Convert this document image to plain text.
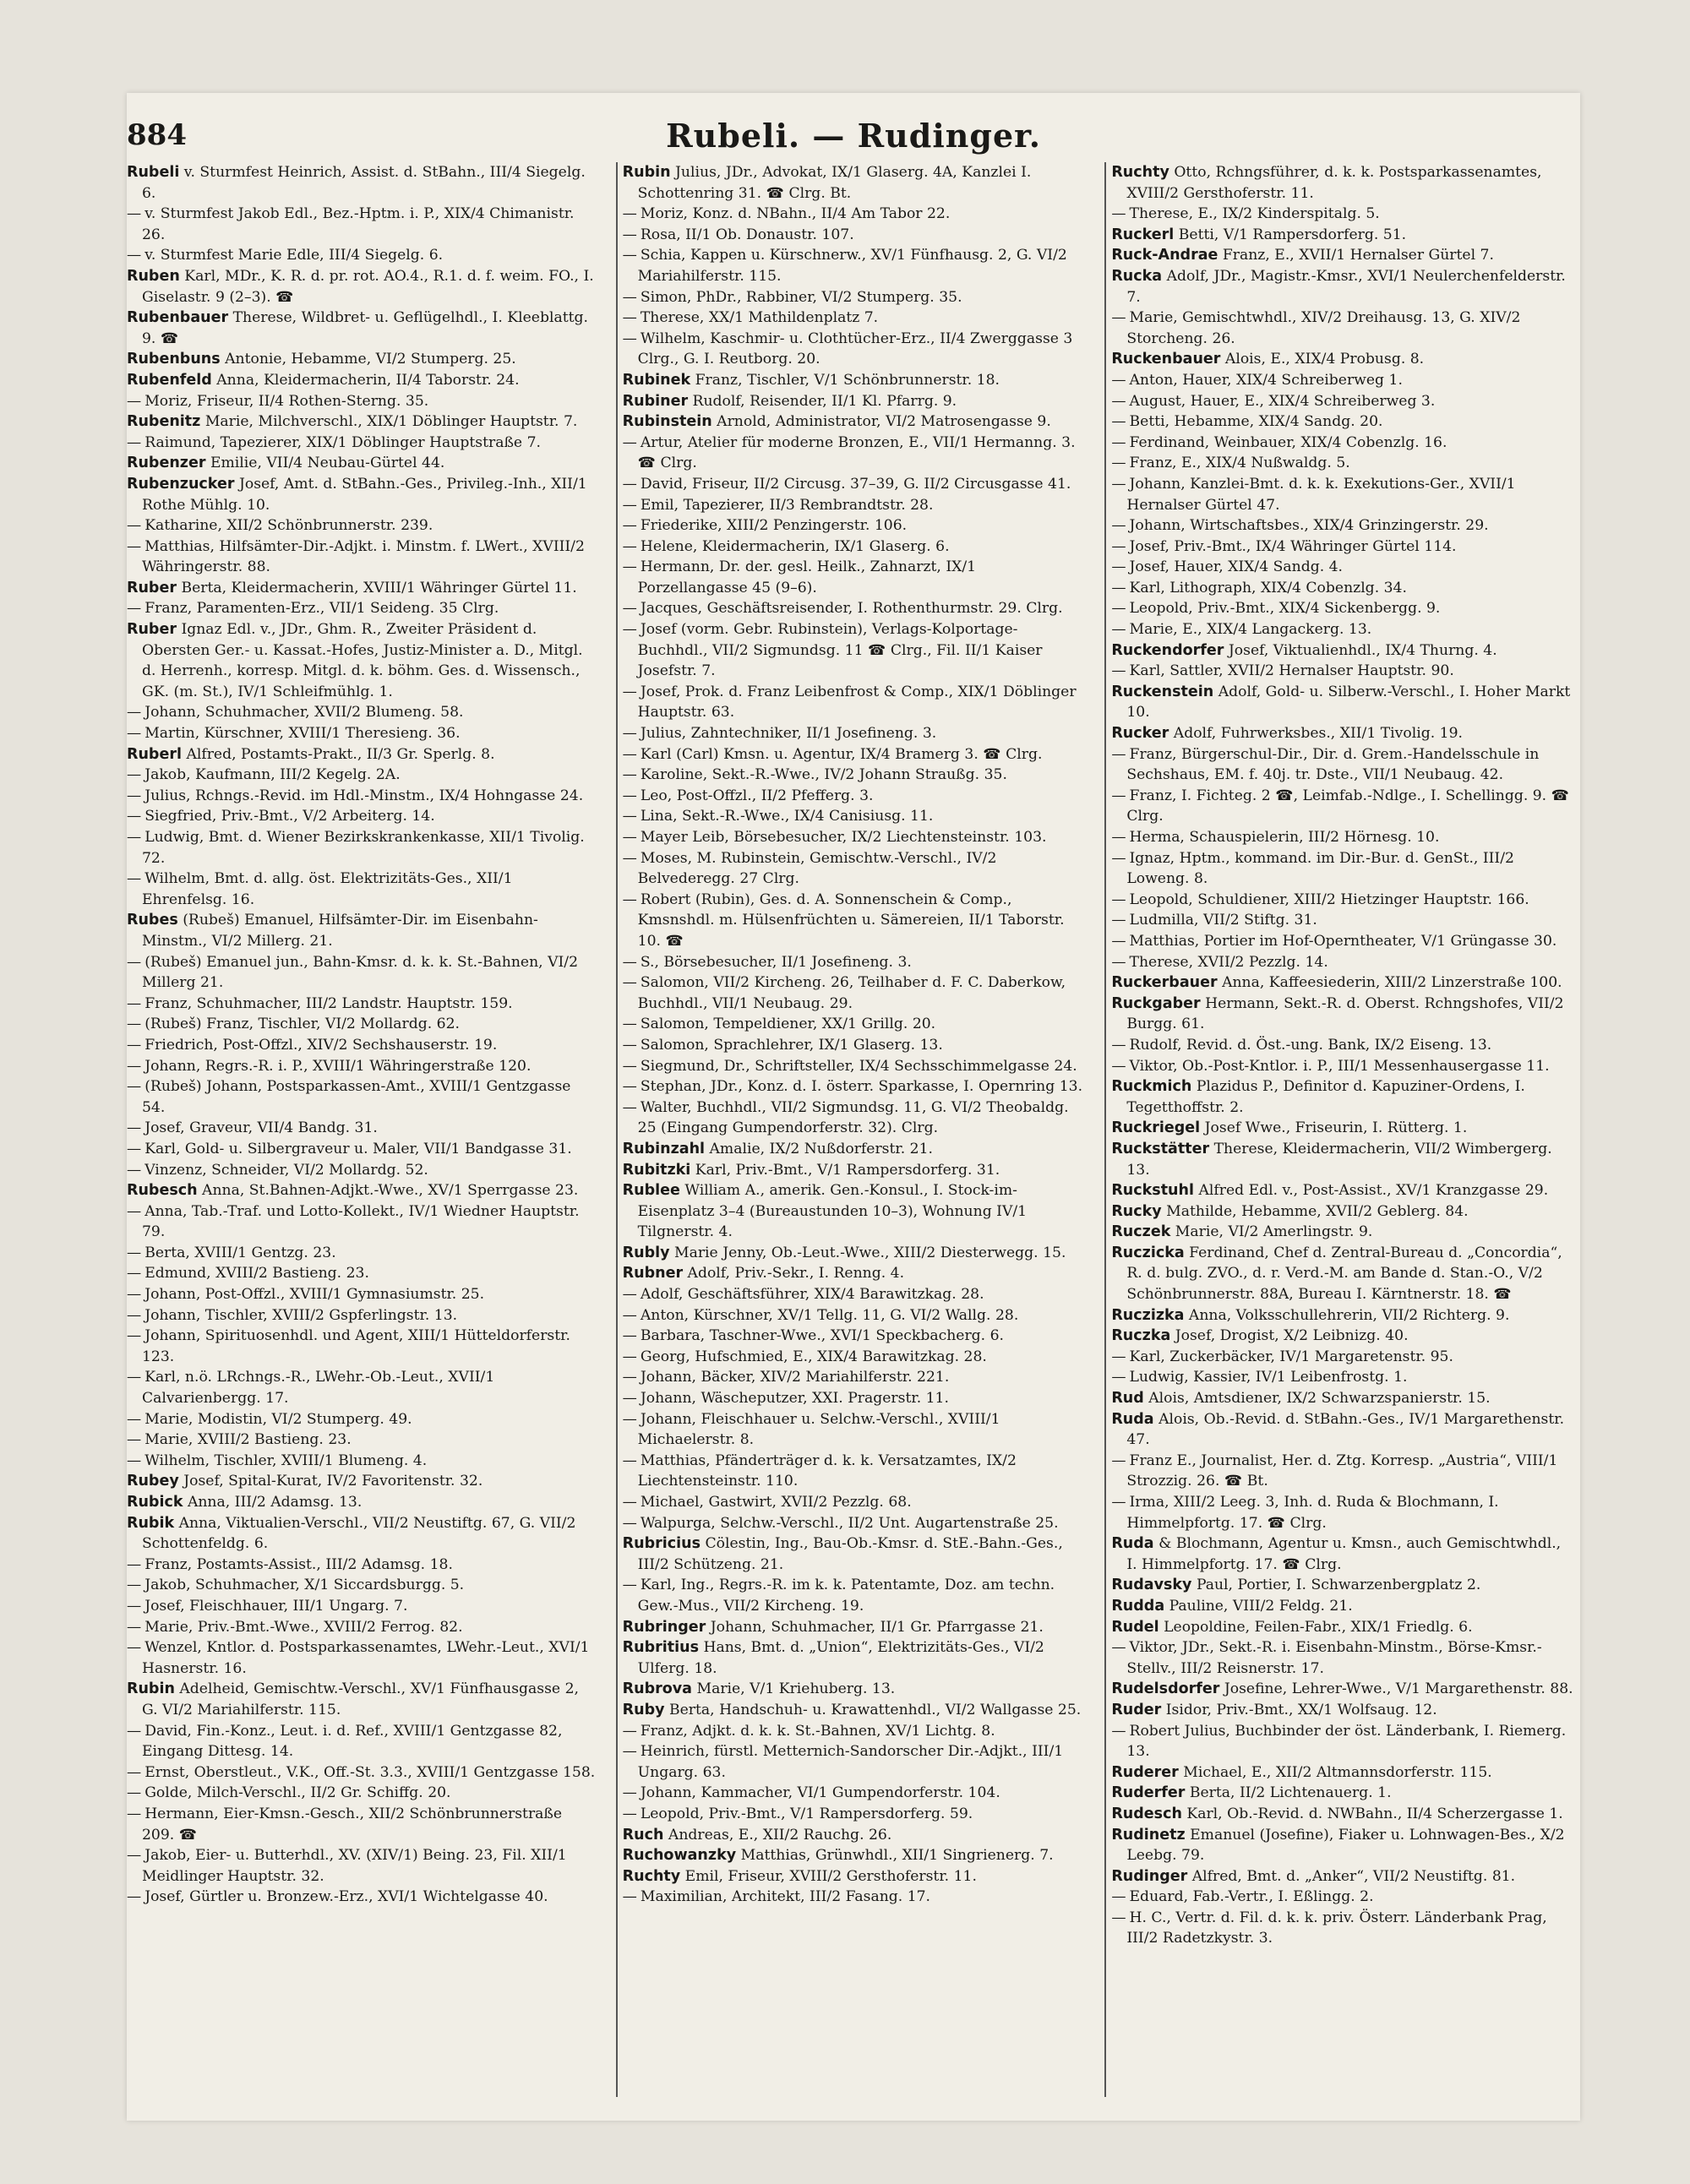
884	Rubeli. — Rudinger.
Rubeli v. Sturmfest Heinrich, Assist. d. StBahn., III/4 Siegelg. 6.
— v. Sturmfest Jakob Edl., Bez.-Hptm. i. P., XIX/4 Chimanistr. 26.
— v. Sturmfest Marie Edle, III/4 Siegelg. 6.
Ruben Karl, MDr., K. R. d. pr. rot. AO.4., R.1. d. f. weim. FO., I. Giselastr. 9 (2–3). ☎
Rubenbauer Therese, Wildbret- u. Geflügelhdl., I. Kleeblattg. 9. ☎
Rubenbuns Antonie, Hebamme, VI/2 Stumperg. 25.
Rubenfeld Anna, Kleidermacherin, II/4 Taborstr. 24.
— Moriz, Friseur, II/4 Rothen-Sterng. 35.
Rubenitz Marie, Milchverschl., XIX/1 Döblinger Hauptstr. 7.
— Raimund, Tapezierer, XIX/1 Döblinger Hauptstraße 7.
Rubenzer Emilie, VII/4 Neubau-Gürtel 44.
Rubenzucker Josef, Amt. d. StBahn.-Ges., Privileg.-Inh., XII/1 Rothe Mühlg. 10.
— Katharine, XII/2 Schönbrunnerstr. 239.
— Matthias, Hilfsämter-Dir.-Adjkt. i. Minstm. f. LWert., XVIII/2 Währingerstr. 88.
Ruber Berta, Kleidermacherin, XVIII/1 Währinger Gürtel 11.
— Franz, Paramenten-Erz., VII/1 Seideng. 35 Clrg.
Ruber Ignaz Edl. v., JDr., Ghm. R., Zweiter Präsident d. Obersten Ger.- u. Kassat.-Hofes, Justiz-Minister a. D., Mitgl. d. Herrenh., korresp. Mitgl. d. k. böhm. Ges. d. Wissensch., GK. (m. St.), IV/1 Schleifmühlg. 1.
— Johann, Schuhmacher, XVII/2 Blumeng. 58.
— Martin, Kürschner, XVIII/1 Theresieng. 36.
Ruberl Alfred, Postamts-Prakt., II/3 Gr. Sperlg. 8.
— Jakob, Kaufmann, III/2 Kegelg. 2A.
— Julius, Rchngs.-Revid. im Hdl.-Minstm., IX/4 Hohngasse 24.
— Siegfried, Priv.-Bmt., V/2 Arbeiterg. 14.
— Ludwig, Bmt. d. Wiener Bezirkskrankenkasse, XII/1 Tivolig. 72.
— Wilhelm, Bmt. d. allg. öst. Elektrizitäts-Ges., XII/1 Ehrenfelsg. 16.
Rubes (Rubeš) Emanuel, Hilfsämter-Dir. im Eisenbahn-Minstm., VI/2 Millerg. 21.
— (Rubeš) Emanuel jun., Bahn-Kmsr. d. k. k. St.-Bahnen, VI/2 Millerg 21.
— Franz, Schuhmacher, III/2 Landstr. Hauptstr. 159.
— (Rubeš) Franz, Tischler, VI/2 Mollardg. 62.
— Friedrich, Post-Offzl., XIV/2 Sechshauserstr. 19.
— Johann, Regrs.-R. i. P., XVIII/1 Währingerstraße 120.
— (Rubeš) Johann, Postsparkassen-Amt., XVIII/1 Gentzgasse 54.
— Josef, Graveur, VII/4 Bandg. 31.
— Karl, Gold- u. Silbergraveur u. Maler, VII/1 Bandgasse 31.
— Vinzenz, Schneider, VI/2 Mollardg. 52.
Rubesch Anna, St.Bahnen-Adjkt.-Wwe., XV/1 Sperrgasse 23.
— Anna, Tab.-Traf. und Lotto-Kollekt., IV/1 Wiedner Hauptstr. 79.
— Berta, XVIII/1 Gentzg. 23.
— Edmund, XVIII/2 Bastieng. 23.
— Johann, Post-Offzl., XVIII/1 Gymnasiumstr. 25.
— Johann, Tischler, XVIII/2 Gspferlingstr. 13.
— Johann, Spirituosenhdl. und Agent, XIII/1 Hütteldorferstr. 123.
— Karl, n.ö. LRchngs.-R., LWehr.-Ob.-Leut., XVII/1 Calvarienbergg. 17.
— Marie, Modistin, VI/2 Stumperg. 49.
— Marie, XVIII/2 Bastieng. 23.
— Wilhelm, Tischler, XVIII/1 Blumeng. 4.
Rubey Josef, Spital-Kurat, IV/2 Favoritenstr. 32.
Rubick Anna, III/2 Adamsg. 13.
Rubik Anna, Viktualien-Verschl., VII/2 Neustiftg. 67, G. VII/2 Schottenfeldg. 6.
— Franz, Postamts-Assist., III/2 Adamsg. 18.
— Jakob, Schuhmacher, X/1 Siccardsburgg. 5.
— Josef, Fleischhauer, III/1 Ungarg. 7.
— Marie, Priv.-Bmt.-Wwe., XVIII/2 Ferrog. 82.
— Wenzel, Kntlor. d. Postsparkassenamtes, LWehr.-Leut., XVI/1 Hasnerstr. 16.
Rubin Adelheid, Gemischtw.-Verschl., XV/1 Fünfhausgasse 2, G. VI/2 Mariahilferstr. 115.
— David, Fin.-Konz., Leut. i. d. Ref., XVIII/1 Gentzgasse 82, Eingang Dittesg. 14.
— Ernst, Oberstleut., V.K., Off.-St. 3.3., XVIII/1 Gentzgasse 158.
— Golde, Milch-Verschl., II/2 Gr. Schiffg. 20.
— Hermann, Eier-Kmsn.-Gesch., XII/2 Schönbrunnerstraße 209. ☎
— Jakob, Eier- u. Butterhdl., XV. (XIV/1) Being. 23, Fil. XII/1 Meidlinger Hauptstr. 32.
— Josef, Gürtler u. Bronzew.-Erz., XVI/1 Wichtelgasse 40.
Rubin Julius, JDr., Advokat, IX/1 Glaserg. 4A, Kanzlei I. Schottenring 31. ☎ Clrg. Bt.
— Moriz, Konz. d. NBahn., II/4 Am Tabor 22.
— Rosa, II/1 Ob. Donaustr. 107.
— Schia, Kappen u. Kürschnerw., XV/1 Fünfhausg. 2, G. VI/2 Mariahilferstr. 115.
— Simon, PhDr., Rabbiner, VI/2 Stumperg. 35.
— Therese, XX/1 Mathildenplatz 7.
— Wilhelm, Kaschmir- u. Clothtücher-Erz., II/4 Zwerggasse 3 Clrg., G. I. Reutborg. 20.
Rubinek Franz, Tischler, V/1 Schönbrunnerstr. 18.
Rubiner Rudolf, Reisender, II/1 Kl. Pfarrg. 9.
Rubinstein Arnold, Administrator, VI/2 Matrosengasse 9.
— Artur, Atelier für moderne Bronzen, E., VII/1 Hermanng. 3. ☎ Clrg.
— David, Friseur, II/2 Circusg. 37–39, G. II/2 Circusgasse 41.
— Emil, Tapezierer, II/3 Rembrandtstr. 28.
— Friederike, XIII/2 Penzingerstr. 106.
— Helene, Kleidermacherin, IX/1 Glaserg. 6.
— Hermann, Dr. der. gesl. Heilk., Zahnarzt, IX/1 Porzellangasse 45 (9–6).
— Jacques, Geschäftsreisender, I. Rothenthurmstr. 29. Clrg.
— Josef (vorm. Gebr. Rubinstein), Verlags-Kolportage-Buchhdl., VII/2 Sigmundsg. 11 ☎ Clrg., Fil. II/1 Kaiser Josefstr. 7.
— Josef, Prok. d. Franz Leibenfrost & Comp., XIX/1 Döblinger Hauptstr. 63.
— Julius, Zahntechniker, II/1 Josefineng. 3.
— Karl (Carl) Kmsn. u. Agentur, IX/4 Bramerg 3. ☎ Clrg.
— Karoline, Sekt.-R.-Wwe., IV/2 Johann Straußg. 35.
— Leo, Post-Offzl., II/2 Pfefferg. 3.
— Lina, Sekt.-R.-Wwe., IX/4 Canisiusg. 11.
— Mayer Leib, Börsebesucher, IX/2 Liechtensteinstr. 103.
— Moses, M. Rubinstein, Gemischtw.-Verschl., IV/2 Belvederegg. 27 Clrg.
— Robert (Rubin), Ges. d. A. Sonnenschein & Comp., Kmsnshdl. m. Hülsenfrüchten u. Sämereien, II/1 Taborstr. 10. ☎
— S., Börsebesucher, II/1 Josefineng. 3.
— Salomon, VII/2 Kircheng. 26, Teilhaber d. F. C. Daberkow, Buchhdl., VII/1 Neubaug. 29.
— Salomon, Tempeldiener, XX/1 Grillg. 20.
— Salomon, Sprachlehrer, IX/1 Glaserg. 13.
— Siegmund, Dr., Schriftsteller, IX/4 Sechsschimmelgasse 24.
— Stephan, JDr., Konz. d. I. österr. Sparkasse, I. Opernring 13.
— Walter, Buchhdl., VII/2 Sigmundsg. 11, G. VI/2 Theobaldg. 25 (Eingang Gumpendorferstr. 32). Clrg.
Rubinzahl Amalie, IX/2 Nußdorferstr. 21.
Rubitzki Karl, Priv.-Bmt., V/1 Rampersdorferg. 31.
Rublee William A., amerik. Gen.-Konsul., I. Stock-im-Eisenplatz 3–4 (Bureaustunden 10–3), Wohnung IV/1 Tilgnerstr. 4.
Rubly Marie Jenny, Ob.-Leut.-Wwe., XIII/2 Diesterwegg. 15.
Rubner Adolf, Priv.-Sekr., I. Renng. 4.
— Adolf, Geschäftsführer, XIX/4 Barawitzkag. 28.
— Anton, Kürschner, XV/1 Tellg. 11, G. VI/2 Wallg. 28.
— Barbara, Taschner-Wwe., XVI/1 Speckbacherg. 6.
— Georg, Hufschmied, E., XIX/4 Barawitzkag. 28.
— Johann, Bäcker, XIV/2 Mariahilferstr. 221.
— Johann, Wäscheputzer, XXI. Pragerstr. 11.
— Johann, Fleischhauer u. Selchw.-Verschl., XVIII/1 Michaelerstr. 8.
— Matthias, Pfänderträger d. k. k. Versatzamtes, IX/2 Liechtensteinstr. 110.
— Michael, Gastwirt, XVII/2 Pezzlg. 68.
— Walpurga, Selchw.-Verschl., II/2 Unt. Augartenstraße 25.
Rubricius Cölestin, Ing., Bau-Ob.-Kmsr. d. StE.-Bahn.-Ges., III/2 Schützeng. 21.
— Karl, Ing., Regrs.-R. im k. k. Patentamte, Doz. am techn. Gew.-Mus., VII/2 Kircheng. 19.
Rubringer Johann, Schuhmacher, II/1 Gr. Pfarrgasse 21.
Rubritius Hans, Bmt. d. „Union“, Elektrizitäts-Ges., VI/2 Ulferg. 18.
Rubrova Marie, V/1 Kriehuberg. 13.
Ruby Berta, Handschuh- u. Krawattenhdl., VI/2 Wallgasse 25.
— Franz, Adjkt. d. k. k. St.-Bahnen, XV/1 Lichtg. 8.
— Heinrich, fürstl. Metternich-Sandorscher Dir.-Adjkt., III/1 Ungarg. 63.
— Johann, Kammacher, VI/1 Gumpendorferstr. 104.
— Leopold, Priv.-Bmt., V/1 Rampersdorferg. 59.
Ruch Andreas, E., XII/2 Rauchg. 26.
Ruchowanzky Matthias, Grünwhdl., XII/1 Singrienerg. 7.
Ruchty Emil, Friseur, XVIII/2 Gersthoferstr. 11.
— Maximilian, Architekt, III/2 Fasang. 17.
Ruchty Otto, Rchngsführer, d. k. k. Postsparkassenamtes, XVIII/2 Gersthoferstr. 11.
— Therese, E., IX/2 Kinderspitalg. 5.
Ruckerl Betti, V/1 Rampersdorferg. 51.
Ruck-Andrae Franz, E., XVII/1 Hernalser Gürtel 7.
Rucka Adolf, JDr., Magistr.-Kmsr., XVI/1 Neulerchenfelderstr. 7.
— Marie, Gemischtwhdl., XIV/2 Dreihausg. 13, G. XIV/2 Storcheng. 26.
Ruckenbauer Alois, E., XIX/4 Probusg. 8.
— Anton, Hauer, XIX/4 Schreiberweg 1.
— August, Hauer, E., XIX/4 Schreiberweg 3.
— Betti, Hebamme, XIX/4 Sandg. 20.
— Ferdinand, Weinbauer, XIX/4 Cobenzlg. 16.
— Franz, E., XIX/4 Nußwaldg. 5.
— Johann, Kanzlei-Bmt. d. k. k. Exekutions-Ger., XVII/1 Hernalser Gürtel 47.
— Johann, Wirtschaftsbes., XIX/4 Grinzingerstr. 29.
— Josef, Priv.-Bmt., IX/4 Währinger Gürtel 114.
— Josef, Hauer, XIX/4 Sandg. 4.
— Karl, Lithograph, XIX/4 Cobenzlg. 34.
— Leopold, Priv.-Bmt., XIX/4 Sickenbergg. 9.
— Marie, E., XIX/4 Langackerg. 13.
Ruckendorfer Josef, Viktualienhdl., IX/4 Thurng. 4.
— Karl, Sattler, XVII/2 Hernalser Hauptstr. 90.
Ruckenstein Adolf, Gold- u. Silberw.-Verschl., I. Hoher Markt 10.
Rucker Adolf, Fuhrwerksbes., XII/1 Tivolig. 19.
— Franz, Bürgerschul-Dir., Dir. d. Grem.-Handelsschule in Sechshaus, EM. f. 40j. tr. Dste., VII/1 Neubaug. 42.
— Franz, I. Fichteg. 2 ☎, Leimfab.-Ndlge., I. Schellingg. 9. ☎ Clrg.
— Herma, Schauspielerin, III/2 Hörnesg. 10.
— Ignaz, Hptm., kommand. im Dir.-Bur. d. GenSt., III/2 Loweng. 8.
— Leopold, Schuldiener, XIII/2 Hietzinger Hauptstr. 166.
— Ludmilla, VII/2 Stiftg. 31.
— Matthias, Portier im Hof-Operntheater, V/1 Grüngasse 30.
— Therese, XVII/2 Pezzlg. 14.
Ruckerbauer Anna, Kaffeesiederin, XIII/2 Linzerstraße 100.
Ruckgaber Hermann, Sekt.-R. d. Oberst. Rchngshofes, VII/2 Burgg. 61.
— Rudolf, Revid. d. Öst.-ung. Bank, IX/2 Eiseng. 13.
— Viktor, Ob.-Post-Kntlor. i. P., III/1 Messenhausergasse 11.
Ruckmich Plazidus P., Definitor d. Kapuziner-Ordens, I. Tegetthoffstr. 2.
Ruckriegel Josef Wwe., Friseurin, I. Rütterg. 1.
Ruckstätter Therese, Kleidermacherin, VII/2 Wimbergerg. 13.
Ruckstuhl Alfred Edl. v., Post-Assist., XV/1 Kranzgasse 29.
Rucky Mathilde, Hebamme, XVII/2 Geblerg. 84.
Ruczek Marie, VI/2 Amerlingstr. 9.
Ruczicka Ferdinand, Chef d. Zentral-Bureau d. „Concordia“, R. d. bulg. ZVO., d. r. Verd.-M. am Bande d. Stan.-O., V/2 Schönbrunnerstr. 88A, Bureau I. Kärntnerstr. 18. ☎
Ruczizka Anna, Volksschullehrerin, VII/2 Richterg. 9.
Ruczka Josef, Drogist, X/2 Leibnizg. 40.
— Karl, Zuckerbäcker, IV/1 Margaretenstr. 95.
— Ludwig, Kassier, IV/1 Leibenfrostg. 1.
Rud Alois, Amtsdiener, IX/2 Schwarzspanierstr. 15.
Ruda Alois, Ob.-Revid. d. StBahn.-Ges., IV/1 Margarethenstr. 47.
— Franz E., Journalist, Her. d. Ztg. Korresp. „Austria“, VIII/1 Strozzig. 26. ☎ Bt.
— Irma, XIII/2 Leeg. 3, Inh. d. Ruda & Blochmann, I. Himmelpfortg. 17. ☎ Clrg.
Ruda & Blochmann, Agentur u. Kmsn., auch Gemischtwhdl., I. Himmelpfortg. 17. ☎ Clrg.
Rudavsky Paul, Portier, I. Schwarzenbergplatz 2.
Rudda Pauline, VIII/2 Feldg. 21.
Rudel Leopoldine, Feilen-Fabr., XIX/1 Friedlg. 6.
— Viktor, JDr., Sekt.-R. i. Eisenbahn-Minstm., Börse-Kmsr.-Stellv., III/2 Reisnerstr. 17.
Rudelsdorfer Josefine, Lehrer-Wwe., V/1 Margarethenstr. 88.
Ruder Isidor, Priv.-Bmt., XX/1 Wolfsaug. 12.
— Robert Julius, Buchbinder der öst. Länderbank, I. Riemerg. 13.
Ruderer Michael, E., XII/2 Altmannsdorferstr. 115.
Ruderfer Berta, II/2 Lichtenauerg. 1.
Rudesch Karl, Ob.-Revid. d. NWBahn., II/4 Scherzergasse 1.
Rudinetz Emanuel (Josefine), Fiaker u. Lohnwagen-Bes., X/2 Leebg. 79.
Rudinger Alfred, Bmt. d. „Anker“, VII/2 Neustiftg. 81.
— Eduard, Fab.-Vertr., I. Eßlingg. 2.
— H. C., Vertr. d. Fil. d. k. k. priv. Österr. Länderbank Prag, III/2 Radetzkystr. 3.
